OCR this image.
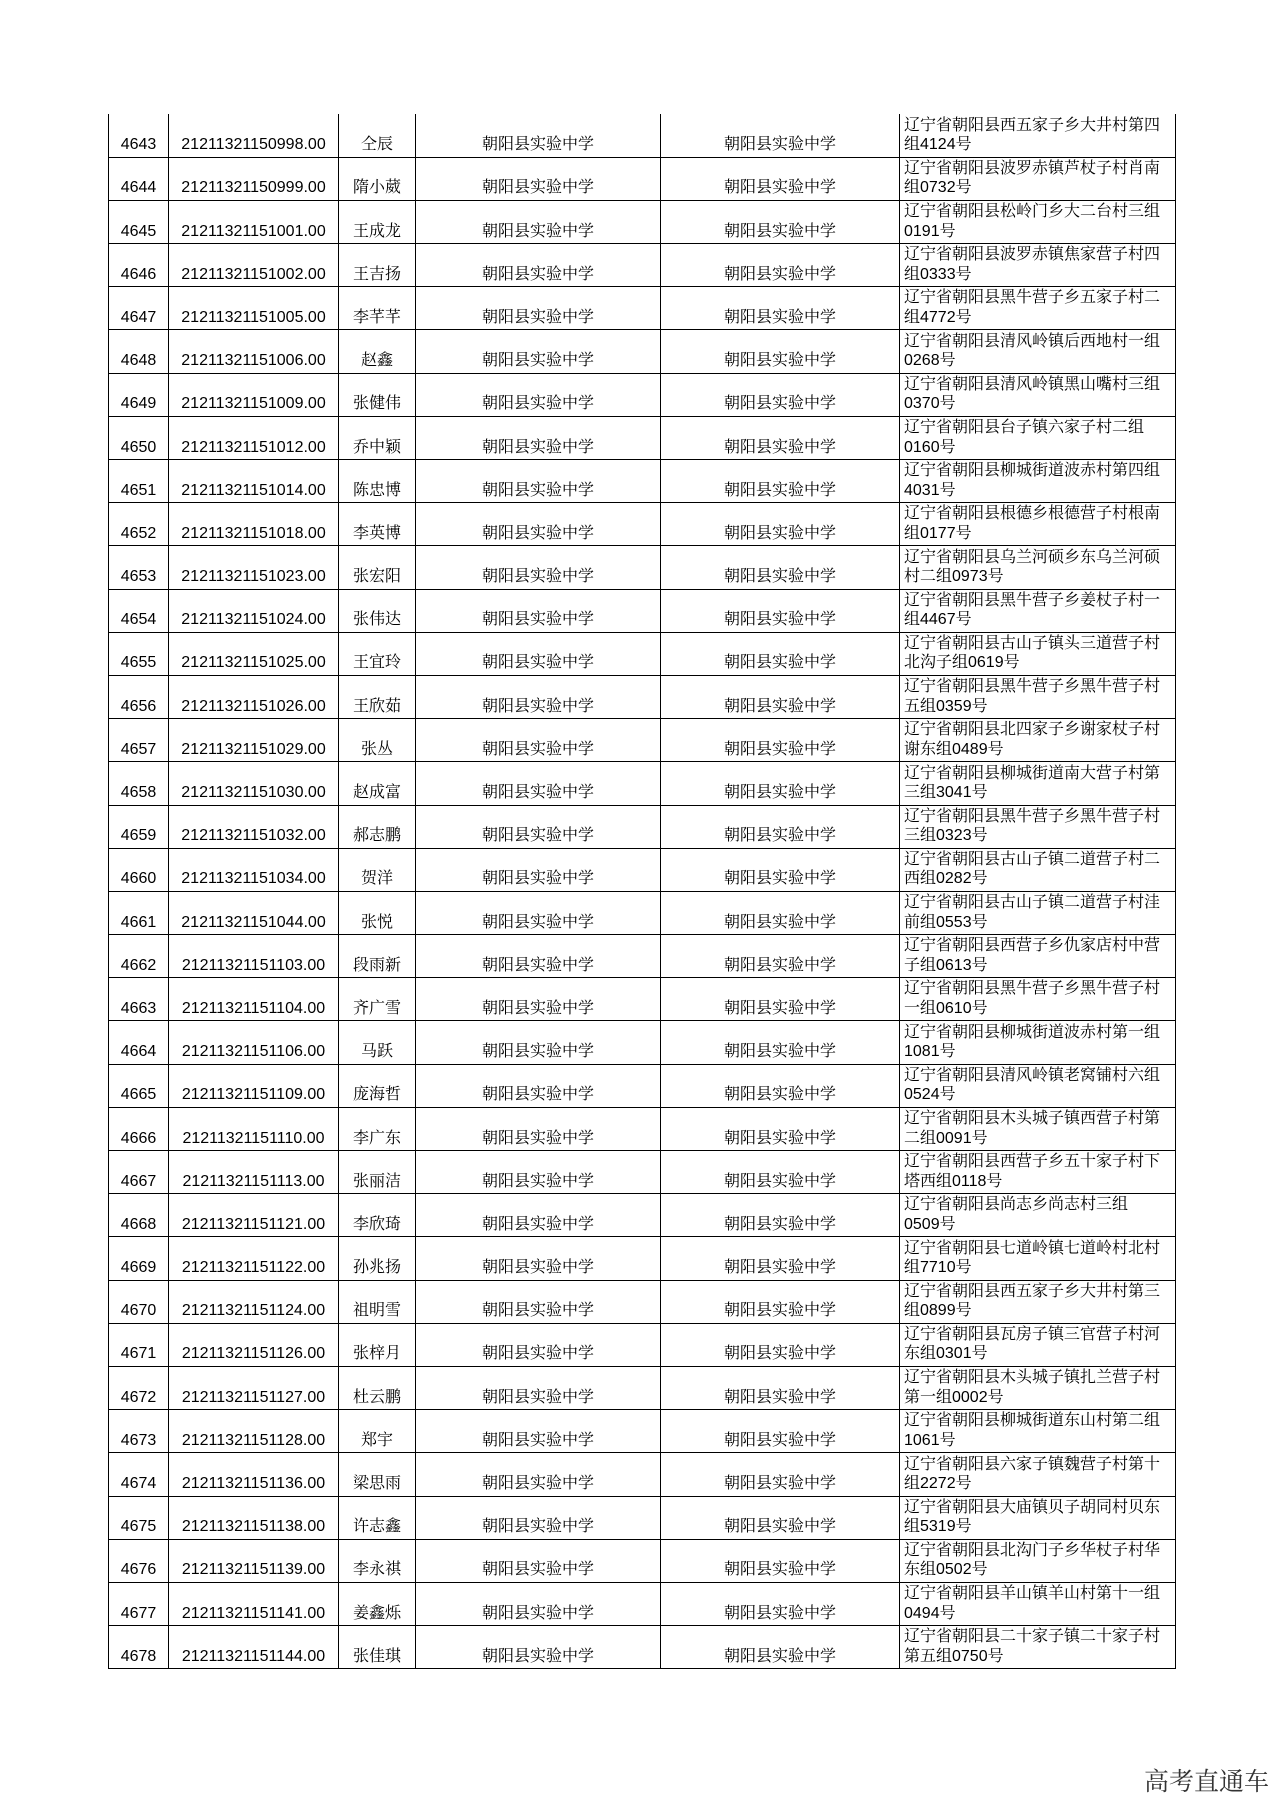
4643	21211321150998.00	仝辰	朝阳县实验中学	朝阳县实验中学	辽宁省朝阳县西五家子乡大井村第四
组4124号

4644	21211321150999.00	隋小葳	朝阳县实验中学	朝阳县实验中学	辽宁省朝阳县波罗赤镇芦杖子村肖南
组0732号

4645	21211321151001.00	王成龙	朝阳县实验中学	朝阳县实验中学	辽宁省朝阳县松岭门乡大二台村三组
0191号

4646	21211321151002.00	王吉扬	朝阳县实验中学	朝阳县实验中学	辽宁省朝阳县波罗赤镇焦家营子村四
组0333号

4647	21211321151005.00	李芊芊	朝阳县实验中学	朝阳县实验中学	辽宁省朝阳县黑牛营子乡五家子村二
组4772号

4648	21211321151006.00	赵鑫	朝阳县实验中学	朝阳县实验中学	辽宁省朝阳县清风岭镇后西地村一组
0268号

4649	21211321151009.00	张健伟	朝阳县实验中学	朝阳县实验中学	辽宁省朝阳县清风岭镇黑山嘴村三组
0370号

4650	21211321151012.00	乔中颖	朝阳县实验中学	朝阳县实验中学	辽宁省朝阳县台子镇六家子村二组
0160号

4651	21211321151014.00	陈忠博	朝阳县实验中学	朝阳县实验中学	辽宁省朝阳县柳城街道波赤村第四组
4031号

4652	21211321151018.00	李英博	朝阳县实验中学	朝阳县实验中学	辽宁省朝阳县根德乡根德营子村根南
组0177号

4653	21211321151023.00	张宏阳	朝阳县实验中学	朝阳县实验中学	辽宁省朝阳县乌兰河硕乡东乌兰河硕
村二组0973号

4654	21211321151024.00	张伟达	朝阳县实验中学	朝阳县实验中学	辽宁省朝阳县黑牛营子乡姜杖子村一
组4467号

4655	21211321151025.00	王宜玲	朝阳县实验中学	朝阳县实验中学	辽宁省朝阳县古山子镇头三道营子村
北沟子组0619号

4656	21211321151026.00	王欣茹	朝阳县实验中学	朝阳县实验中学	辽宁省朝阳县黑牛营子乡黑牛营子村
五组0359号

4657	21211321151029.00	张丛	朝阳县实验中学	朝阳县实验中学	辽宁省朝阳县北四家子乡谢家杖子村
谢东组0489号

4658	21211321151030.00	赵成富	朝阳县实验中学	朝阳县实验中学	辽宁省朝阳县柳城街道南大营子村第
三组3041号

4659	21211321151032.00	郝志鹏	朝阳县实验中学	朝阳县实验中学	辽宁省朝阳县黑牛营子乡黑牛营子村
三组0323号

4660	21211321151034.00	贺洋	朝阳县实验中学	朝阳县实验中学	辽宁省朝阳县古山子镇二道营子村二
西组0282号

4661	21211321151044.00	张悦	朝阳县实验中学	朝阳县实验中学	辽宁省朝阳县古山子镇二道营子村洼
前组0553号

4662	21211321151103.00	段雨新	朝阳县实验中学	朝阳县实验中学	辽宁省朝阳县西营子乡仇家店村中营
子组0613号

4663	21211321151104.00	齐广雪	朝阳县实验中学	朝阳县实验中学	辽宁省朝阳县黑牛营子乡黑牛营子村
一组0610号

4664	21211321151106.00	马跃	朝阳县实验中学	朝阳县实验中学	辽宁省朝阳县柳城街道波赤村第一组
1081号

4665	21211321151109.00	庞海哲	朝阳县实验中学	朝阳县实验中学	辽宁省朝阳县清风岭镇老窝铺村六组
0524号

4666	21211321151110.00	李广东	朝阳县实验中学	朝阳县实验中学	辽宁省朝阳县木头城子镇西营子村第
二组0091号

4667	21211321151113.00	张丽洁	朝阳县实验中学	朝阳县实验中学	辽宁省朝阳县西营子乡五十家子村下
塔西组0118号

4668	21211321151121.00	李欣琦	朝阳县实验中学	朝阳县实验中学	辽宁省朝阳县尚志乡尚志村三组
0509号

4669	21211321151122.00	孙兆扬	朝阳县实验中学	朝阳县实验中学	辽宁省朝阳县七道岭镇七道岭村北村
组7710号

4670	21211321151124.00	祖明雪	朝阳县实验中学	朝阳县实验中学	辽宁省朝阳县西五家子乡大井村第三
组0899号

4671	21211321151126.00	张梓月	朝阳县实验中学	朝阳县实验中学	辽宁省朝阳县瓦房子镇三官营子村河
东组0301号

4672	21211321151127.00	杜云鹏	朝阳县实验中学	朝阳县实验中学	辽宁省朝阳县木头城子镇扎兰营子村
第一组0002号

4673	21211321151128.00	郑宇	朝阳县实验中学	朝阳县实验中学	辽宁省朝阳县柳城街道东山村第二组
1061号

4674	21211321151136.00	梁思雨	朝阳县实验中学	朝阳县实验中学	辽宁省朝阳县六家子镇魏营子村第十
组2272号

4675	21211321151138.00	许志鑫	朝阳县实验中学	朝阳县实验中学	辽宁省朝阳县大庙镇贝子胡同村贝东
组5319号

4676	21211321151139.00	李永祺	朝阳县实验中学	朝阳县实验中学	辽宁省朝阳县北沟门子乡华杖子村华
东组0502号

4677	21211321151141.00	姜鑫烁	朝阳县实验中学	朝阳县实验中学	辽宁省朝阳县羊山镇羊山村第十一组
0494号

4678	21211321151144.00	张佳琪	朝阳县实验中学	朝阳县实验中学	辽宁省朝阳县二十家子镇二十家子村
第五组0750号
高考直通车
